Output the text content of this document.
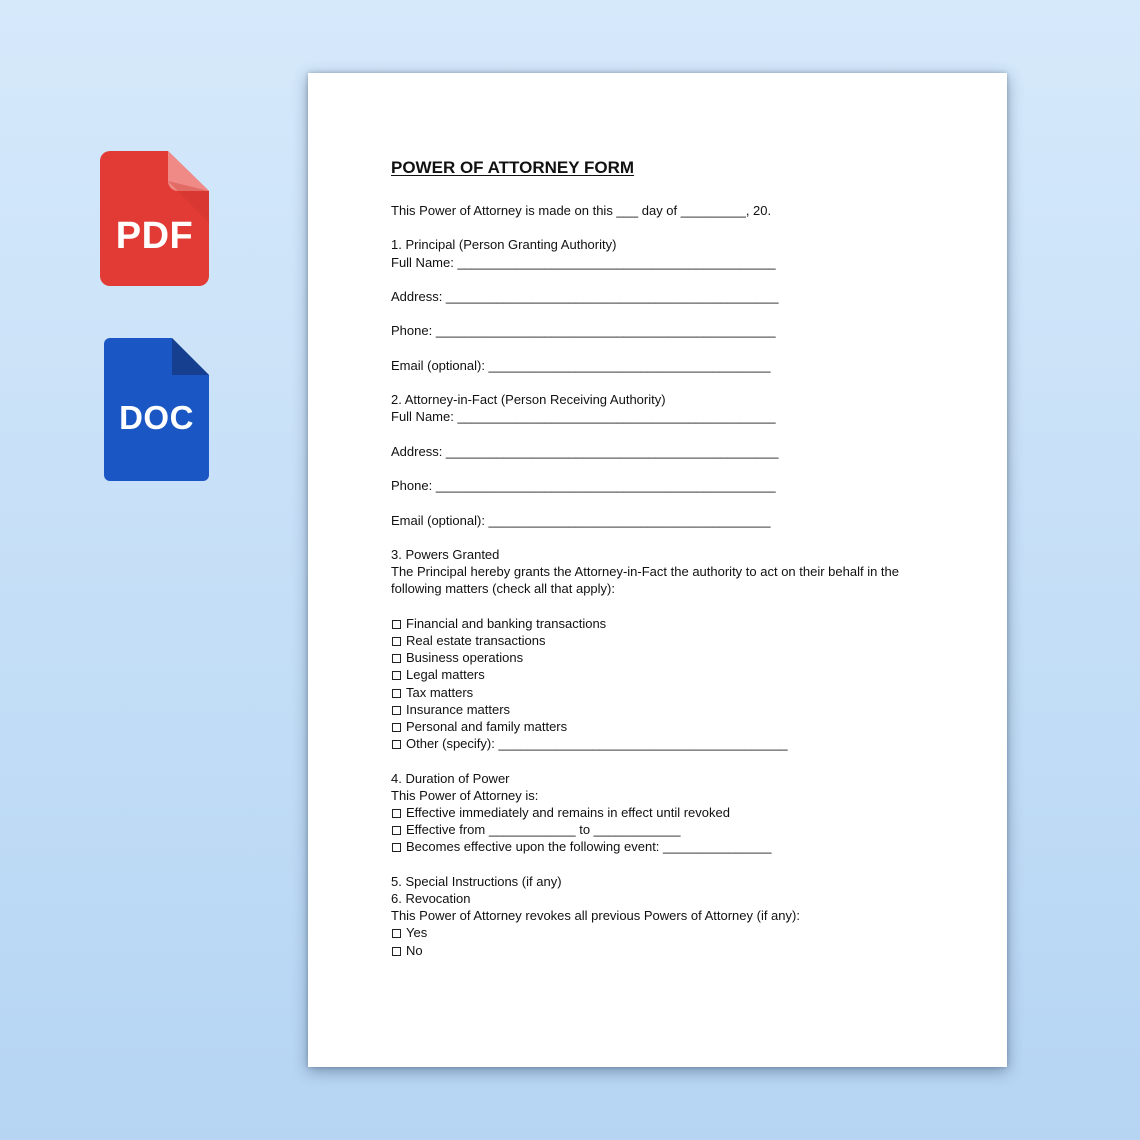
PDF
DOC
POWER OF ATTORNEY FORM
This Power of Attorney is made on this ___ day of _________, 20.
1. Principal (Person Granting Authority)
Full Name: ____________________________________________
Address: ______________________________________________
Phone: _______________________________________________
Email (optional): _______________________________________
2. Attorney-in-Fact (Person Receiving Authority)
Full Name: ____________________________________________
Address: ______________________________________________
Phone: _______________________________________________
Email (optional): _______________________________________
3. Powers Granted
The Principal hereby grants the Attorney-in-Fact the authority to act on their behalf in the following matters (check all that apply):
Financial and banking transactions
Real estate transactions
Business operations
Legal matters
Tax matters
Insurance matters
Personal and family matters
Other (specify): ________________________________________
4. Duration of Power
This Power of Attorney is:
Effective immediately and remains in effect until revoked
Effective from ____________ to ____________
Becomes effective upon the following event: _______________
5. Special Instructions (if any)
6. Revocation
This Power of Attorney revokes all previous Powers of Attorney (if any):
Yes
No
